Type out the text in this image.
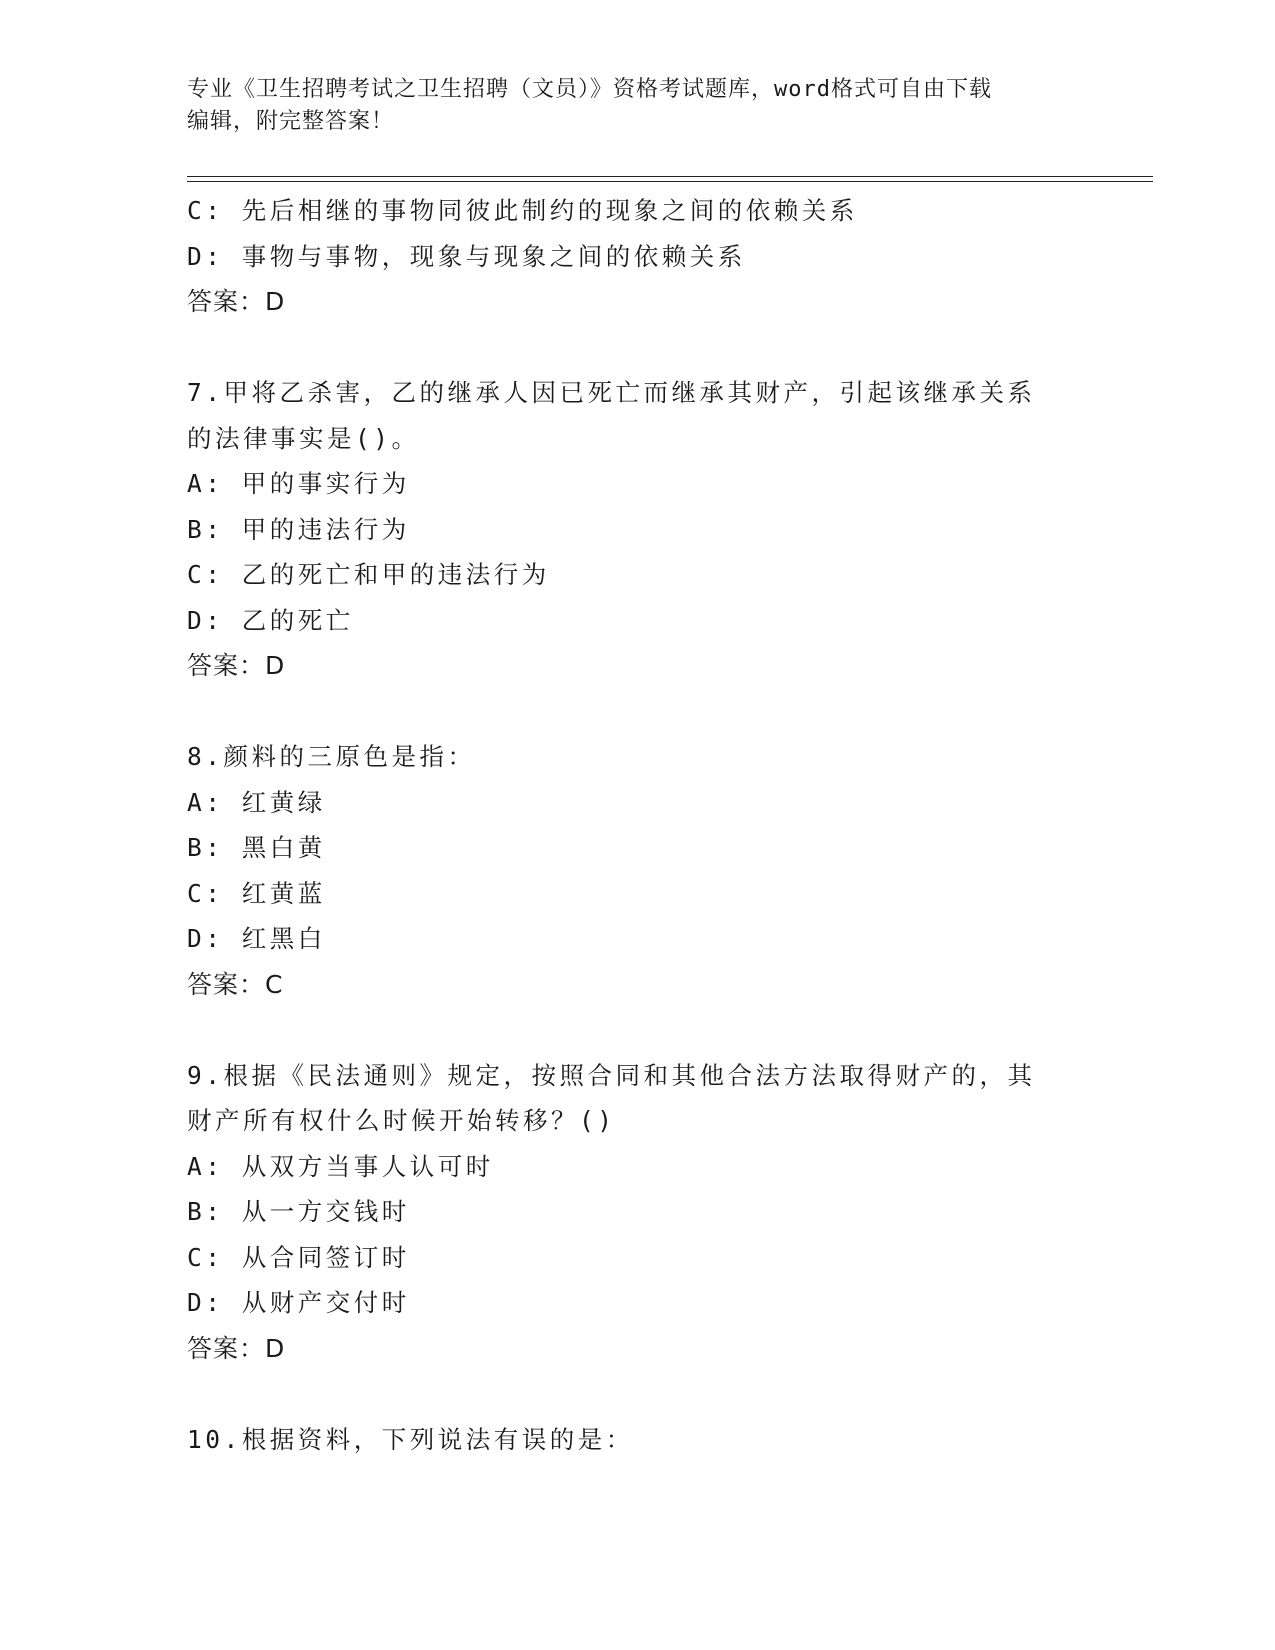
专业《卫生招聘考试之卫生招聘（文员）》资格考试题库，word格式可自由下载
编辑，附完整答案！
C: 先后相继的事物同彼此制约的现象之间的依赖关系
D: 事物与事物，现象与现象之间的依赖关系
答案：D
7.甲将乙杀害，乙的继承人因已死亡而继承其财产，引起该继承关系
的法律事实是()。
A: 甲的事实行为
B: 甲的违法行为
C: 乙的死亡和甲的违法行为
D: 乙的死亡
答案：D
8.颜料的三原色是指：
A: 红黄绿
B: 黑白黄
C: 红黄蓝
D: 红黑白
答案：C
9.根据《民法通则》规定，按照合同和其他合法方法取得财产的，其
财产所有权什么时候开始转移？()
A: 从双方当事人认可时
B: 从一方交钱时
C: 从合同签订时
D: 从财产交付时
答案：D
10.根据资料，下列说法有误的是：
